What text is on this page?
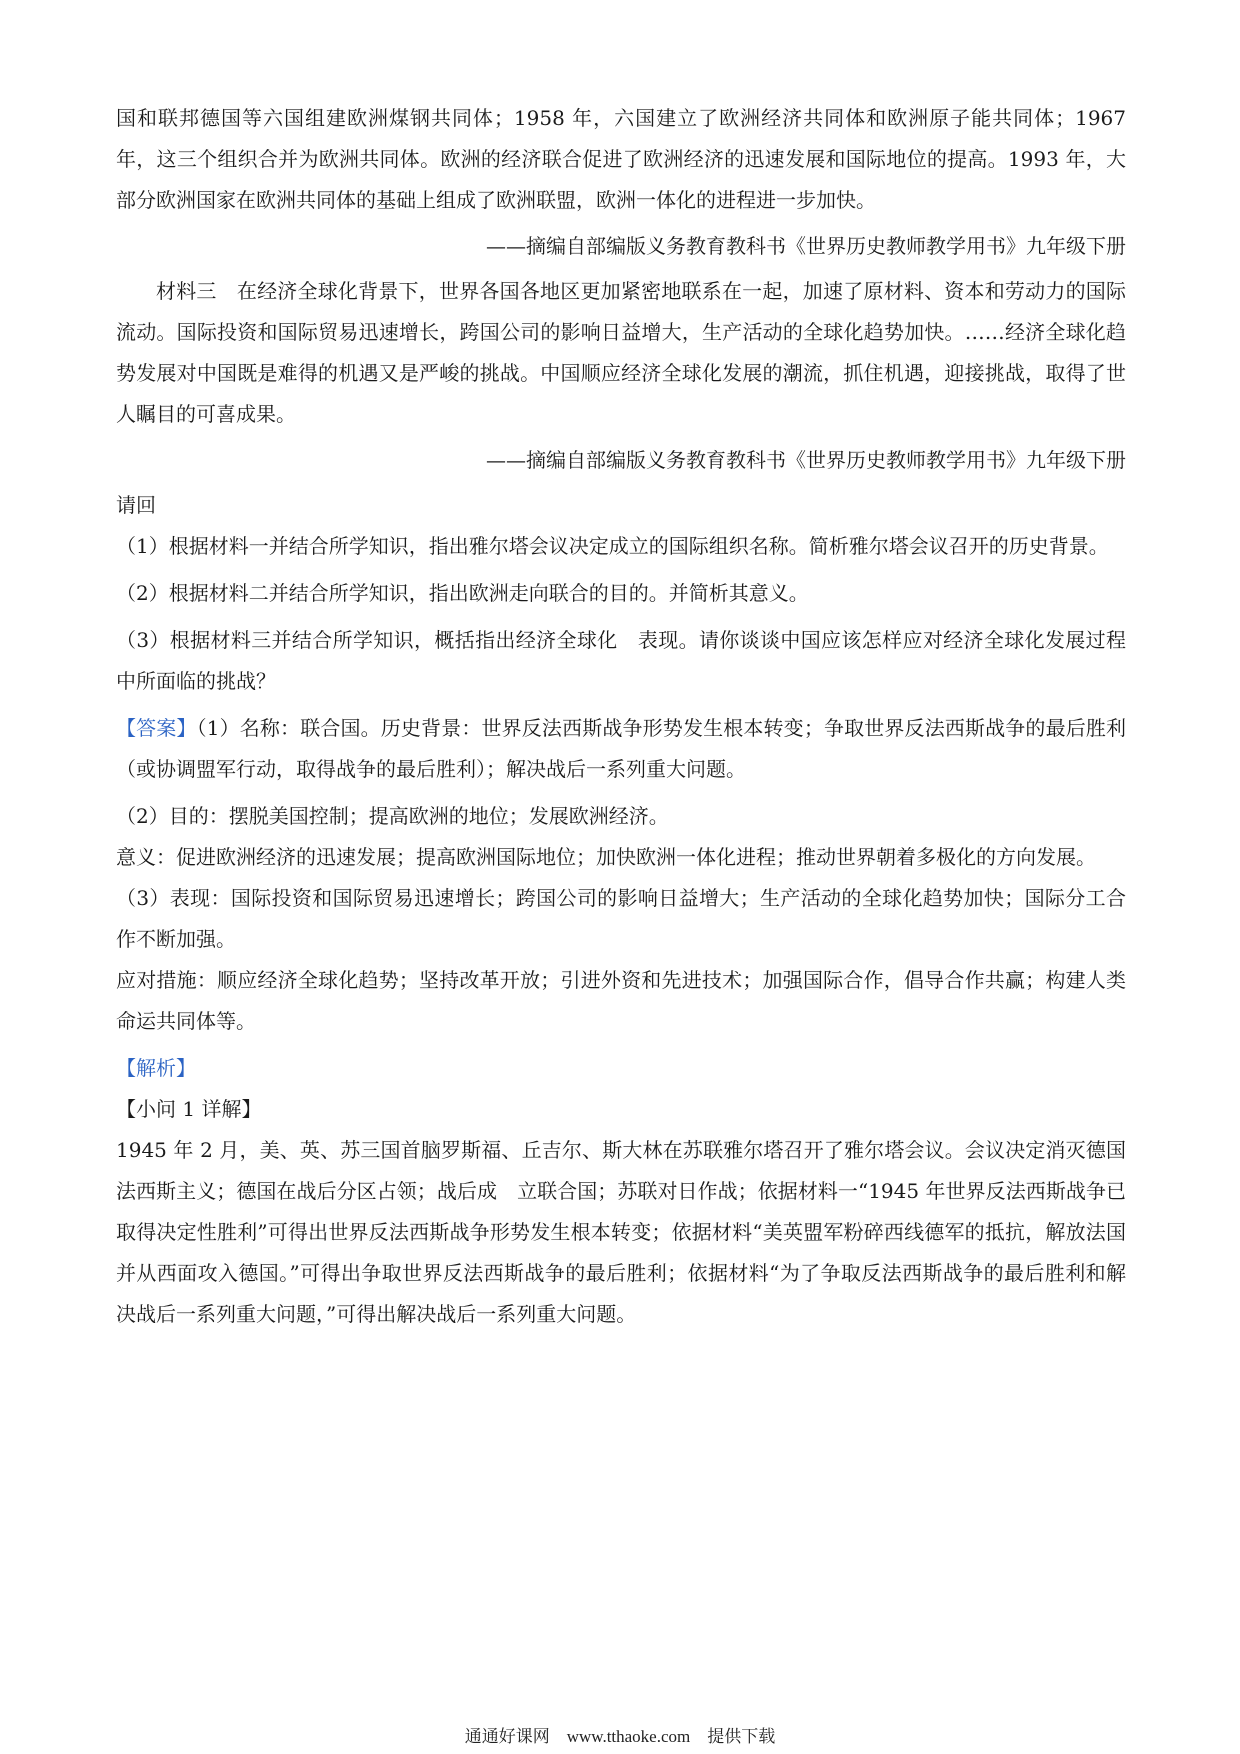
国和联邦德国等六国组建欧洲煤钢共同体；1958 年，六国建立了欧洲经济共同体和欧洲原子能共同体；1967 年，这三个组织合并为欧洲共同体。欧洲的经济联合促进了欧洲经济的迅速发展和国际地位的提高。1993 年，大部分欧洲国家在欧洲共同体的基础上组成了欧洲联盟，欧洲一体化的进程进一步加快。

——摘编自部编版义务教育教科书《世界历史教师教学用书》九年级下册

材料三　在经济全球化背景下，世界各国各地区更加紧密地联系在一起，加速了原材料、资本和劳动力的国际流动。国际投资和国际贸易迅速增长，跨国公司的影响日益增大，生产活动的全球化趋势加快。……经济全球化趋势发展对中国既是难得的机遇又是严峻的挑战。中国顺应经济全球化发展的潮流，抓住机遇，迎接挑战，取得了世人瞩目的可喜成果。

——摘编自部编版义务教育教科书《世界历史教师教学用书》九年级下册

请回

（1）根据材料一并结合所学知识，指出雅尔塔会议决定成立的国际组织名称。简析雅尔塔会议召开的历史背景。

（2）根据材料二并结合所学知识，指出欧洲走向联合的目的。并简析其意义。

（3）根据材料三并结合所学知识，概括指出经济全球化　表现。请你谈谈中国应该怎样应对经济全球化发展过程中所面临的挑战？

【答案】（1）名称：联合国。历史背景：世界反法西斯战争形势发生根本转变；争取世界反法西斯战争的最后胜利（或协调盟军行动，取得战争的最后胜利）；解决战后一系列重大问题。

（2）目的：摆脱美国控制；提高欧洲的地位；发展欧洲经济。

意义：促进欧洲经济的迅速发展；提高欧洲国际地位；加快欧洲一体化进程；推动世界朝着多极化的方向发展。

（3）表现：国际投资和国际贸易迅速增长；跨国公司的影响日益增大；生产活动的全球化趋势加快；国际分工合作不断加强。

应对措施：顺应经济全球化趋势；坚持改革开放；引进外资和先进技术；加强国际合作，倡导合作共赢；构建人类命运共同体等。

【解析】

【小问 1 详解】

1945 年 2 月，美、英、苏三国首脑罗斯福、丘吉尔、斯大林在苏联雅尔塔召开了雅尔塔会议。会议决定消灭德国法西斯主义；德国在战后分区占领；战后成　立联合国；苏联对日作战；依据材料一“1945 年世界反法西斯战争已取得决定性胜利”可得出世界反法西斯战争形势发生根本转变；依据材料“美英盟军粉碎西线德军的抵抗，解放法国并从西面攻入德国。”可得出争取世界反法西斯战争的最后胜利；依据材料“为了争取反法西斯战争的最后胜利和解决战后一系列重大问题，”可得出解决战后一系列重大问题。

通通好课网　www.tthaoke.com　提供下载
